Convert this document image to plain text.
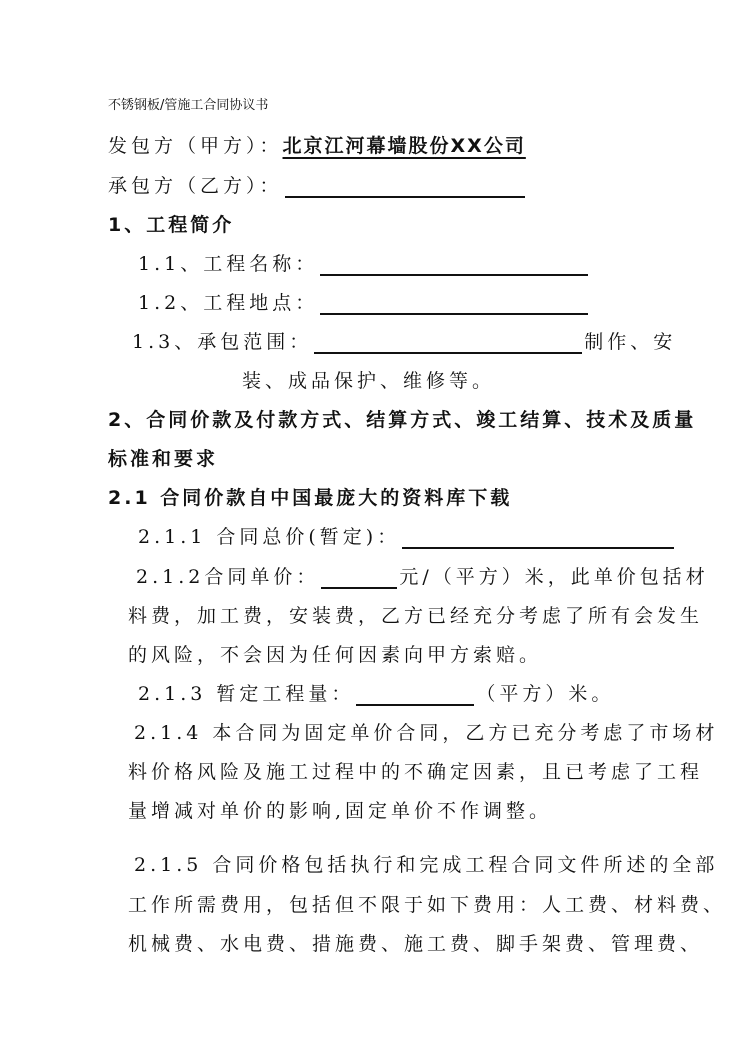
不锈钢板/管施工合同协议书
发包方（甲方）：北京江河幕墙股份XX公司
承包方（乙方）：
1、工程简介
1.1、工程名称：
1.2、工程地点：
1.3、承包范围：	制作、安
装、成品保护、维修等。
2、合同价款及付款方式、结算方式、竣工结算、技术及质量
标准和要求
2.1 合同价款自中国最庞大的资料库下载
2.1.1 合同总价(暂定)：
2.1.2合同单价：	元/（平方）米，此单价包括材
料费，加工费，安装费，乙方已经充分考虑了所有会发生
的风险，不会因为任何因素向甲方索赔。
2.1.3 暂定工程量：	（平方）米。
2.1.4 本合同为固定单价合同，乙方已充分考虑了市场材
料价格风险及施工过程中的不确定因素，且已考虑了工程
量增减对单价的影响,固定单价不作调整。
2.1.5 合同价格包括执行和完成工程合同文件所述的全部
工作所需费用，包括但不限于如下费用：人工费、材料费、
机械费、水电费、措施费、施工费、脚手架费、管理费、
